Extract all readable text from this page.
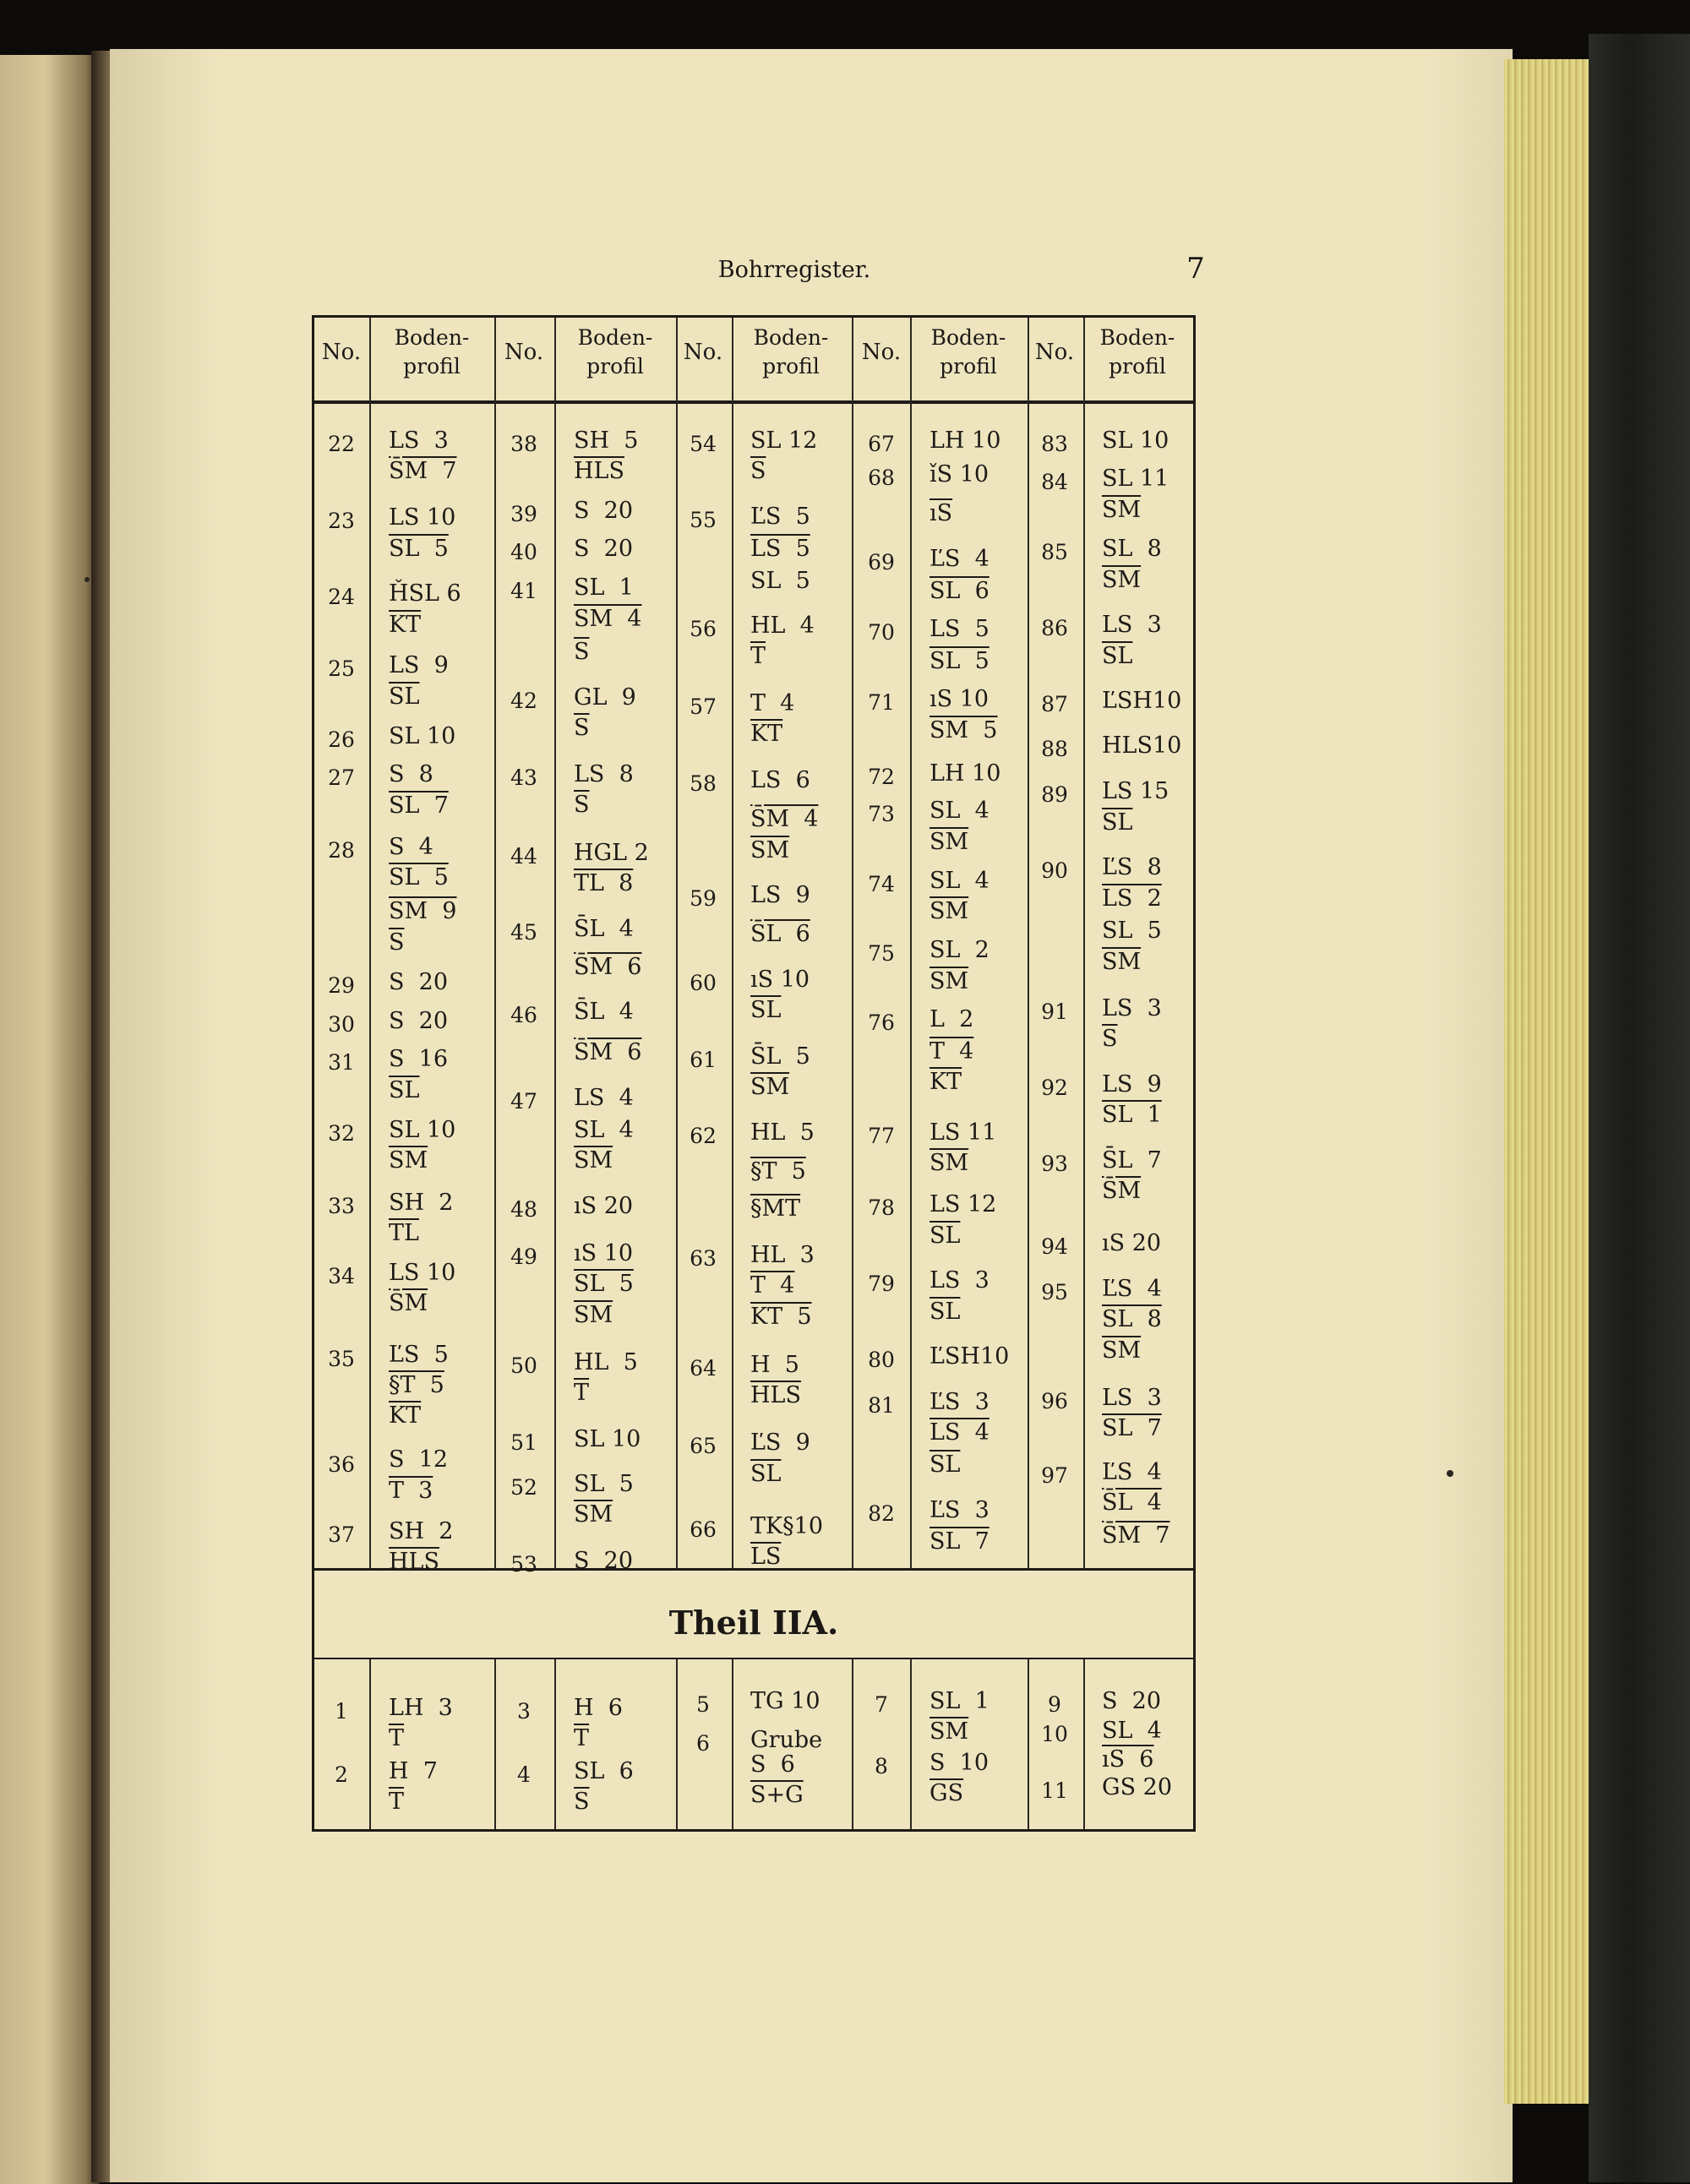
Bohrregister.	7
No.
Boden-
profil
No.
Boden-
profil
No.
Boden-
profil
No.
Boden-
profil
No.
Boden-
profil
22
23
24
25
26
27
28
29
30
31
32
33
34
35
36
37
LS  3
S̄M  7
LS 10
SL  5
ȞSL 6
$\overline{KT}$
LS  9
$\overline{SL}$
SL 10
S  8
SL  7
S  4
SL  5
SM  9
$\overline{S}$
S  20
S  20
S  16
$\overline{SL}$
SL 10
$\overline{SM}$
SH  2
$\overline{TL}$
LS 10
S̄M
ĽS  5
§T  5
$\overline{KT}$
S  12
T  3
SH  2
$\overline{HLS}$
38
39
40
41
42
43
44
45
46
47
48
49
50
51
52
53
SH  5
$\overline{HLS}$
S  20
S  20
SL  1
SM  4
$\overline{S}$
GL  9
$\overline{S}$
LS  8
$\overline{S}$
HGL 2
TL  8
S̄L  4
S̄M  6
S̄L  4
S̄M  6
LS  4
SL  4
$\overline{SM}$
ıS 20
ıS 10
SL  5
$\overline{SM}$
HL  5
$\overline{T}$
SL 10
SL  5
$\overline{SM}$
S  20
54
55
56
57
58
59
60
61
62
63
64
65
66
SL 12
$\overline{S}$
ĽS  5
LS  5
SL  5
HL  4
$\overline{T}$
T  4
$\overline{KT}$
LS  6
S̄M  4
$\overline{SM}$
LS  9
S̄L  6
ıS 10
$\overline{SL}$
S̄L  5
$\overline{SM}$
HL  5
§T  5
§MT
HL  3
T  4
KT  5
H  5
$\overline{HLS}$
ĽS  9
$\overline{SL}$
TK§10
$\overline{LS}$
67
68
69
70
71
72
73
74
75
76
77
78
79
80
81
82
LH 10
ı̌S 10
$\overline{ıS}$
ĽS  4
SL  6
LS  5
SL  5
ıS 10
SM  5
LH 10
SL  4
$\overline{SM}$
SL  4
$\overline{SM}$
SL  2
$\overline{SM}$
L  2
T  4
$\overline{KT}$
LS 11
$\overline{SM}$
LS 12
$\overline{SL}$
LS  3
$\overline{SL}$
ĽSH10
ĽS  3
LS  4
$\overline{SL}$
ĽS  3
SL  7
83
84
85
86
87
88
89
90
91
92
93
94
95
96
97
SL 10
SL 11
$\overline{SM}$
SL  8
$\overline{SM}$
LS  3
$\overline{SL}$
ĽSH10
HLS10
LS 15
$\overline{SL}$
ĽS  8
LS  2
SL  5
$\overline{SM}$
LS  3
$\overline{S}$
LS  9
SL  1
S̄L  7
S̄M
ıS 20
ĽS  4
SL  8
$\overline{SM}$
LS  3
SL  7
ĽS  4
S̄L  4
S̄M  7
1
2
LH  3
$\overline{T}$
H  7
$\overline{T}$
3
4
H  6
$\overline{T}$
SL  6
$\overline{S}$
5
6
TG 10
Grube
S  6
S+G
7
8
SL  1
$\overline{SM}$
S  10
$\overline{GS}$
9
10
11
S  20
SL  4
ıS  6
GS 20
Theil IIA.
